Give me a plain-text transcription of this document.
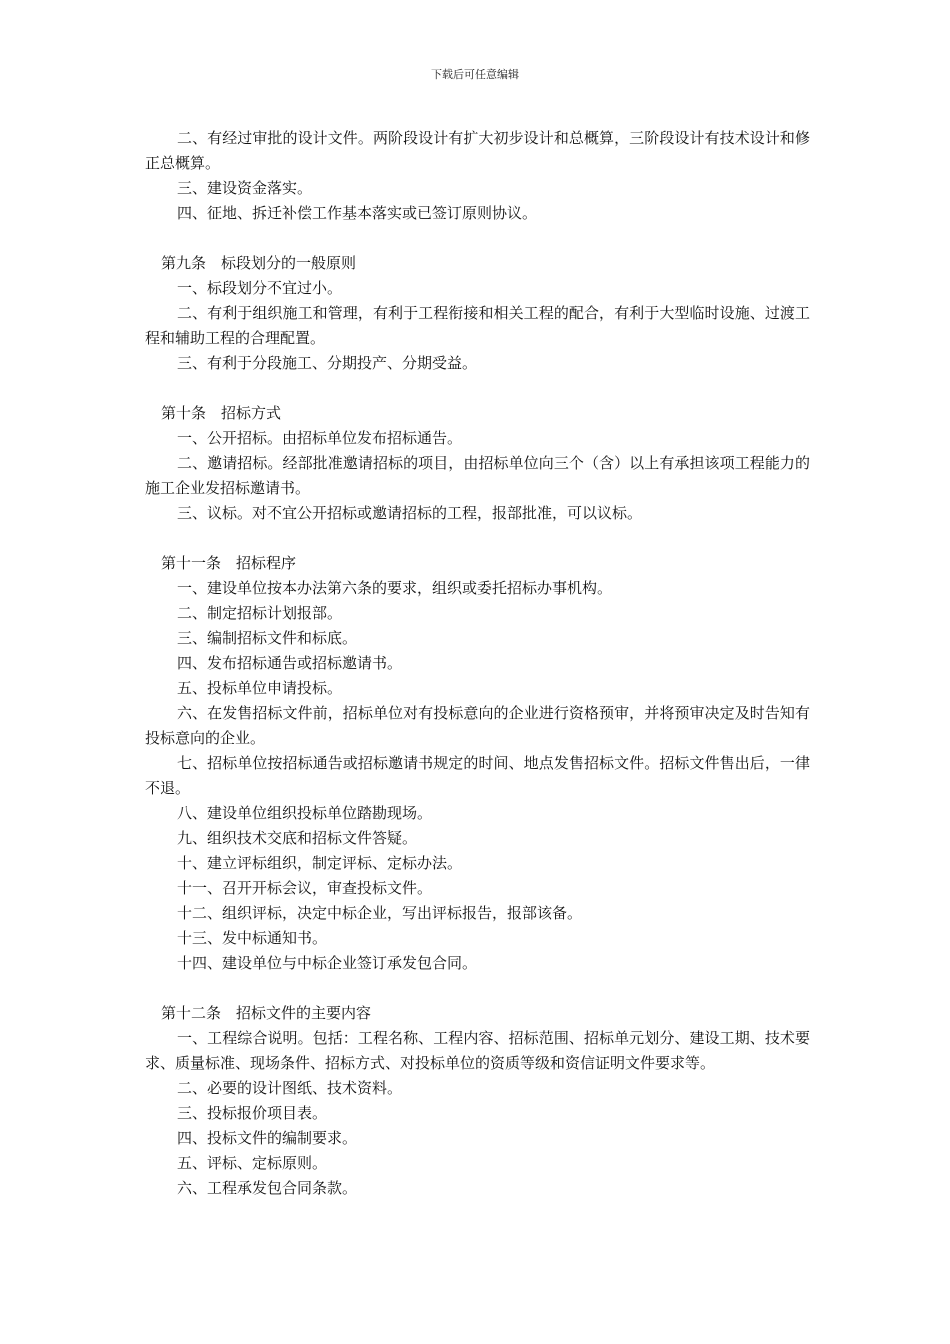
下载后可任意编辑

二、有经过审批的设计文件。两阶段设计有扩大初步设计和总概算，三阶段设计有技术设计和修正总概算。

三、建设资金落实。

四、征地、拆迁补偿工作基本落实或已签订原则协议。

第九条　标段划分的一般原则

一、标段划分不宜过小。

二、有利于组织施工和管理，有利于工程衔接和相关工程的配合，有利于大型临时设施、过渡工程和辅助工程的合理配置。

三、有利于分段施工、分期投产、分期受益。

第十条　招标方式

一、公开招标。由招标单位发布招标通告。

二、邀请招标。经部批准邀请招标的项目，由招标单位向三个（含）以上有承担该项工程能力的施工企业发招标邀请书。

三、议标。对不宜公开招标或邀请招标的工程，报部批准，可以议标。

第十一条　招标程序

一、建设单位按本办法第六条的要求，组织或委托招标办事机构。

二、制定招标计划报部。

三、编制招标文件和标底。

四、发布招标通告或招标邀请书。

五、投标单位申请投标。

六、在发售招标文件前，招标单位对有投标意向的企业进行资格预审，并将预审决定及时告知有投标意向的企业。

七、招标单位按招标通告或招标邀请书规定的时间、地点发售招标文件。招标文件售出后，一律不退。

八、建设单位组织投标单位踏勘现场。

九、组织技术交底和招标文件答疑。

十、建立评标组织，制定评标、定标办法。

十一、召开开标会议，审查投标文件。

十二、组织评标，决定中标企业，写出评标报告，报部该备。

十三、发中标通知书。

十四、建设单位与中标企业签订承发包合同。

第十二条　招标文件的主要内容

一、工程综合说明。包括：工程名称、工程内容、招标范围、招标单元划分、建设工期、技术要求、质量标准、现场条件、招标方式、对投标单位的资质等级和资信证明文件要求等。

二、必要的设计图纸、技术资料。

三、投标报价项目表。

四、投标文件的编制要求。

五、评标、定标原则。

六、工程承发包合同条款。
